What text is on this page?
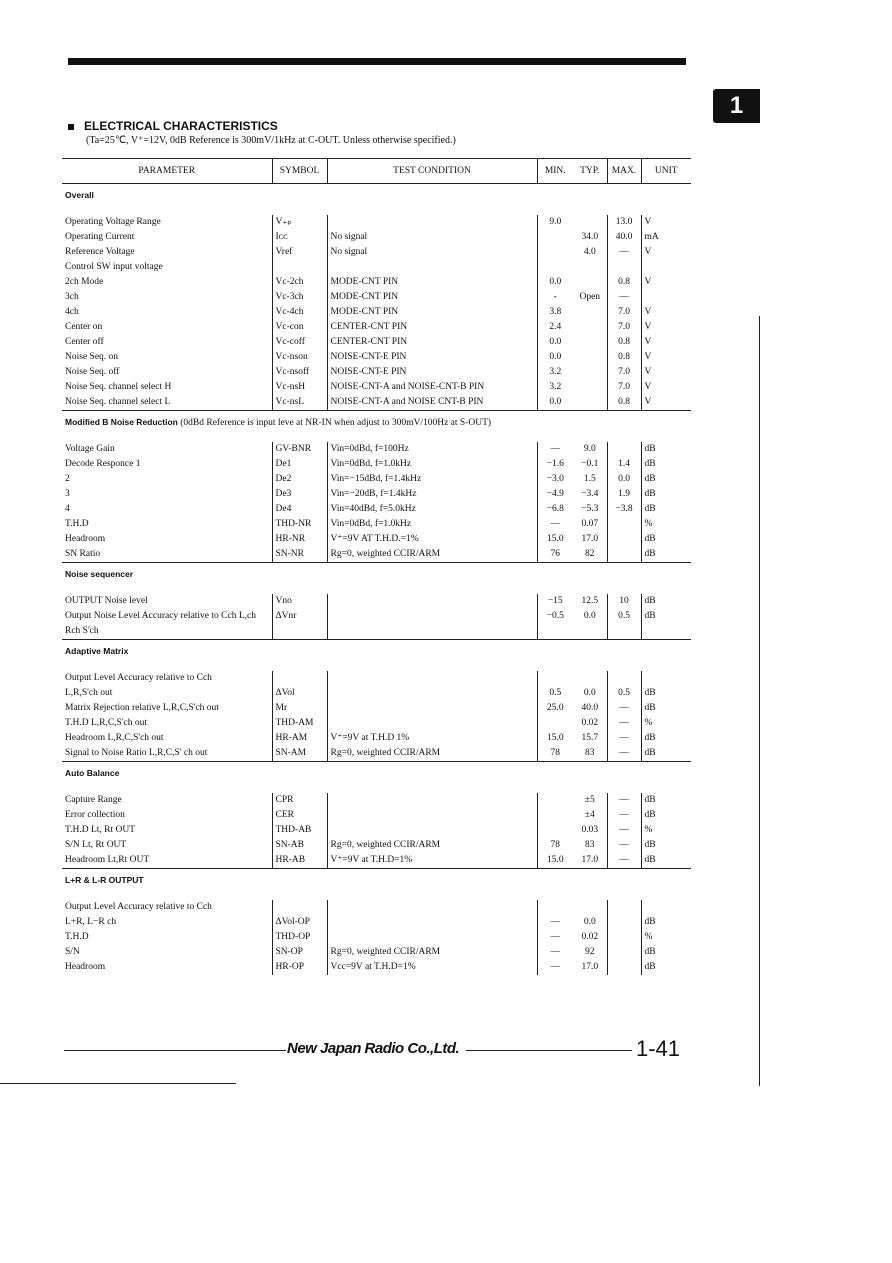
1
ELECTRICAL CHARACTERISTICS
(Ta=25℃, V⁺=12V, 0dB Reference is 300mV/1kHz at C-OUT. Unless otherwise specified.)
PARAMETER	SYMBOL	TEST CONDITION	MIN.	TYP.	MAX.	UNIT
Overall						

Operating Voltage Range	V₊ₚ		9.0		13.0	V
Operating Current	Iᴄᴄ	No signal		34.0	40.0	mA
Reference Voltage	Vref	No signal		4.0	—	V
Control SW input voltage						
2ch Mode	Vc-2ch	MODE-CNT PIN	0.0		0.8	V
3ch	Vc-3ch	MODE-CNT PIN	-	Open	—	
4ch	Vc-4ch	MODE-CNT PIN	3.8		7.0	V
Center on	Vc-con	CENTER-CNT PIN	2.4		7.0	V
Center off	Vc-coff	CENTER-CNT PIN	0.0		0.8	V
Noise Seq. on	Vc-nson	NOISE-CNT-E PIN	0.0		0.8	V
Noise Seq. off	Vc-nsoff	NOISE-CNT-E PIN	3.2		7.0	V
Noise Seq. channel select H	Vc-nsH	NOISE-CNT-A and NOISE-CNT-B PIN	3.2		7.0	V
Noise Seq. channel select L	Vc-nsL	NOISE-CNT-A and NOISE CNT-B PIN	0.0		0.8	V
Modified B Noise Reduction (0dBd Reference is input leve at NR-IN when adjust to 300mV/100Hz at S-OUT)						

Voltage Gain	GV-BNR	Vin=0dBd, f=100Hz	—	9.0		dB
Decode Responce 1	De1	Vin=0dBd, f=1.0kHz	−1.6	−0.1	1.4	dB
2	De2	Vin=−15dBd, f=1.4kHz	−3.0	1.5	0.0	dB
3	De3	Vin=−20dB, f=1.4kHz	−4.9	−3.4	1.9	dB
4	De4	Vin=40dBd, f=5.0kHz	−6.8	−5.3	−3.8	dB
T.H.D	THD-NR	Vin=0dBd, f=1.0kHz	—	0.07		%
Headroom	HR-NR	V⁺=9V AT T.H.D.=1%	15.0	17.0		dB
SN Ratio	SN-NR	Rg=0, weighted CCIR/ARM	76	82		dB
Noise sequencer						

OUTPUT Noise level	Vno		−15	12.5	10	dB
Output Noise Level Accuracy relative to Cch L,ch	ΔVnr		−0.5	0.0	0.5	dB
Rch S'ch						
Adaptive Matrix						

Output Level Accuracy relative to Cch						
L,R,S'ch out	ΔVol		0.5	0.0	0.5	dB
Matrix Rejection relative L,R,C,S'ch out	Mr		25.0	40.0	—	dB
T.H.D L,R,C,S'ch out	THD-AM			0.02	—	%
Headroom L,R,C,S'ch out	HR-AM	V⁺=9V at T.H.D 1%	15.0	15.7	—	dB
Signal to Noise Ratio L,R,C,S' ch out	SN-AM	Rg=0, weighted CCIR/ARM	78	83	—	dB
Auto Balance						

Capture Range	CPR			±5	—	dB
Error collection	CER			±4	—	dB
T.H.D Lt, Rt OUT	THD-AB			0.03	—	%
S/N Lt, Rt OUT	SN-AB	Rg=0, weighted CCIR/ARM	78	83	—	dB
Headroom Lt,Rt OUT	HR-AB	V⁺=9V at T.H.D=1%	15.0	17.0	—	dB
L+R & L-R OUTPUT						

Output Level Accuracy relative to Cch						
L+R, L−R ch	ΔVol-OP		—	0.0		dB
T.H.D	THD-OP		—	0.02		%
S/N	SN-OP	Rg=0, weighted CCIR/ARM	—	92		dB
Headroom	HR-OP	Vcc=9V at T.H.D=1%	—	17.0		dB
New Japan Radio Co.,Ltd.	1-41
